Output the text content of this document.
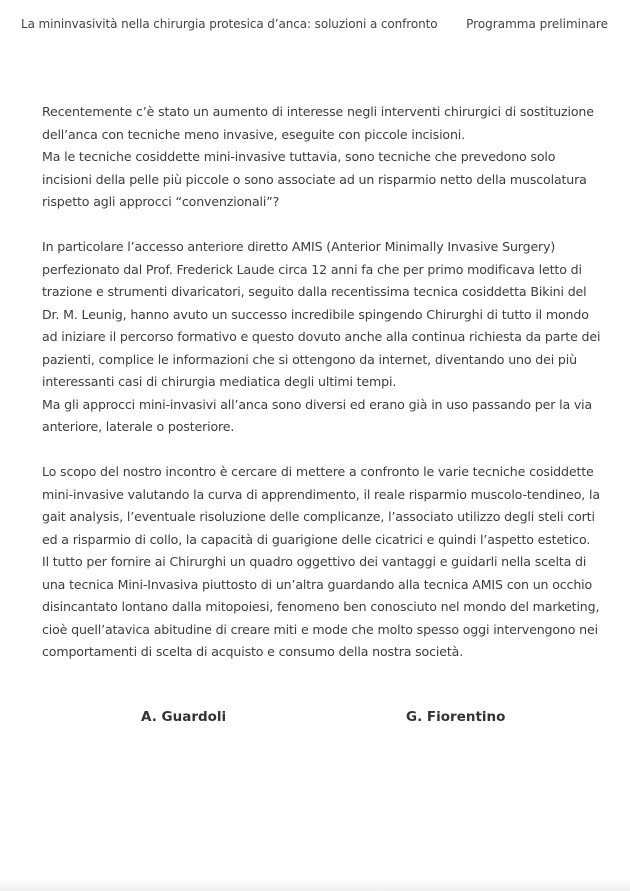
La mininvasività nella chirurgia protesica d’anca: soluzioni a confronto Programma preliminare

Recentemente c’è stato un aumento di interesse negli interventi chirurgici di sostituzione
dell’anca con tecniche meno invasive, eseguite con piccole incisioni.
Ma le tecniche cosiddette mini-invasive tuttavia, sono tecniche che prevedono solo
incisioni della pelle più piccole o sono associate ad un risparmio netto della muscolatura
rispetto agli approcci “convenzionali”?

In particolare l’accesso anteriore diretto AMIS (Anterior Minimally Invasive Surgery)
perfezionato dal Prof. Frederick Laude circa 12 anni fa che per primo modificava letto di
trazione e strumenti divaricatori, seguito dalla recentissima tecnica cosiddetta Bikini del
Dr. M. Leunig, hanno avuto un successo incredibile spingendo Chirurghi di tutto il mondo
ad iniziare il percorso formativo e questo dovuto anche alla continua richiesta da parte dei
pazienti, complice le informazioni che si ottengono da internet, diventando uno dei più
interessanti casi di chirurgia mediatica degli ultimi tempi.
Ma gli approcci mini-invasivi all’anca sono diversi ed erano già in uso passando per la via
anteriore, laterale o posteriore.

Lo scopo del nostro incontro è cercare di mettere a confronto le varie tecniche cosiddette
mini-invasive valutando la curva di apprendimento, il reale risparmio muscolo-tendineo, la
gait analysis, l’eventuale risoluzione delle complicanze, l’associato utilizzo degli steli corti
ed a risparmio di collo, la capacità di guarigione delle cicatrici e quindi l’aspetto estetico.
Il tutto per fornire ai Chirurghi un quadro oggettivo dei vantaggi e guidarli nella scelta di
una tecnica Mini-Invasiva piuttosto di un’altra guardando alla tecnica AMIS con un occhio
disincantato lontano dalla mitopoiesi, fenomeno ben conosciuto nel mondo del marketing,
cioè quell’atavica abitudine di creare miti e mode che molto spesso oggi intervengono nei
comportamenti di scelta di acquisto e consumo della nostra società.

A. Guardoli	G. Fiorentino
